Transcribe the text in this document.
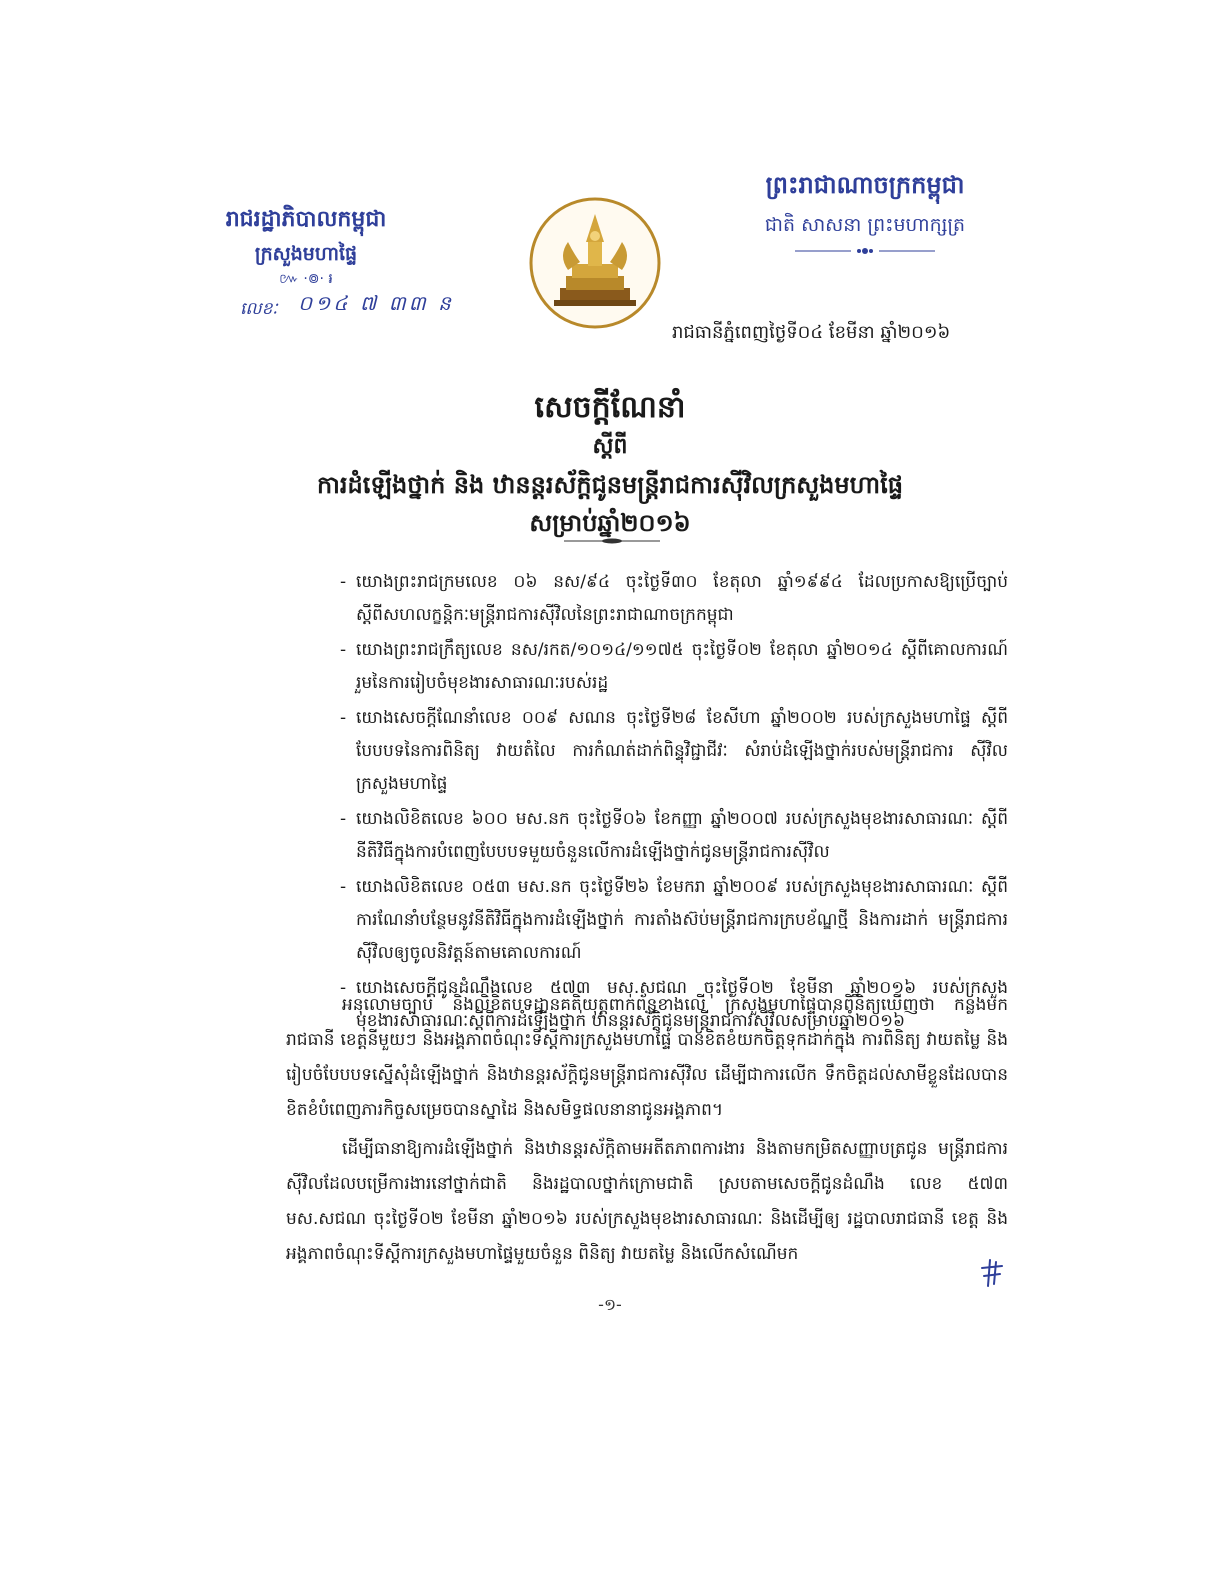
រាជរដ្ឋាភិបាលកម្ពុជា
ក្រសួងមហាផ្ទៃ
៚ ·៙· ៛
លេខៈ ០១៤ ៧ ៣៣ ន
ព្រះរាជាណាចក្រកម្ពុជា
ជាតិ សាសនា ព្រះមហាក្សត្រ
រាជធានីភ្នំពេញថ្ងៃទី០៤ ខែមីនា ឆ្នាំ២០១៦
សេចក្តីណែនាំ
ស្តីពី
ការដំឡើងថ្នាក់ និង ឋានន្តរស័ក្តិជូនមន្ត្រីរាជការស៊ីវិលក្រសួងមហាផ្ទៃ
សម្រាប់ឆ្នាំ២០១៦
- យោងព្រះរាជក្រមលេខ ០៦ នស/៩៤ ចុះថ្ងៃទី៣០ ខែតុលា ឆ្នាំ១៩៩៤ ដែលប្រកាសឱ្យប្រើច្បាប់ ស្តីពីសហលក្ខន្តិកៈមន្ត្រីរាជការស៊ីវិលនៃព្រះរាជាណាចក្រកម្ពុជា
- យោងព្រះរាជក្រឹត្យលេខ នស/រកត/១០១៤/១១៧៥ ចុះថ្ងៃទី០២ ខែតុលា ឆ្នាំ២០១៤ ស្តីពីគោលការណ៍រួមនៃការរៀបចំមុខងារសាធារណៈរបស់រដ្ឋ
- យោងសេចក្តីណែនាំលេខ ០០៩ សណន ចុះថ្ងៃទី២៨ ខែសីហា ឆ្នាំ២០០២ របស់ក្រសួងមហាផ្ទៃ ស្តីពីបែបបទនៃការពិនិត្យ វាយតំលៃ ការកំណត់ដាក់ពិន្ទុវិជ្ជាជីវៈ សំរាប់ដំឡើងថ្នាក់របស់មន្ត្រីរាជការ ស៊ីវិល ក្រសួងមហាផ្ទៃ
- យោងលិខិតលេខ ៦០០ មស.នក ចុះថ្ងៃទី០៦ ខែកញ្ញា ឆ្នាំ២០០៧ របស់ក្រសួងមុខងារសាធារណៈ ស្តីពីនីតិវិធីក្នុងការបំពេញបែបបទមួយចំនួនលើការដំឡើងថ្នាក់ជូនមន្ត្រីរាជការស៊ីវិល
- យោងលិខិតលេខ ០៥៣ មស.នក ចុះថ្ងៃទី២៦ ខែមករា ឆ្នាំ២០០៩ របស់ក្រសួងមុខងារសាធារណៈ ស្តីពីការណែនាំបន្ថែមនូវនីតិវិធីក្នុងការដំឡើងថ្នាក់ ការតាំងស៊ប់មន្ត្រីរាជការក្របខ័ណ្ឌថ្មី និងការដាក់ មន្ត្រីរាជការស៊ីវិលឲ្យចូលនិវត្តន៍តាមគោលការណ៍
- យោងសេចក្តីជូនដំណឹងលេខ ៥៧៣ មស.សជណ ចុះថ្ងៃទី០២ ខែមីនា ឆ្នាំ២០១៦ របស់ក្រសួង មុខងារសាធារណៈស្តីពីការដំឡើងថ្នាក់ ឋានន្តរស័ក្តិជូនមន្ត្រីរាជការស៊ីវិលសម្រាប់ឆ្នាំ២០១៦

អនុលោមច្បាប់ និងលិខិតបទដ្ឋានគតិយុត្តពាក់ព័ន្ធខាងលើ ក្រសួងមហាផ្ទៃបានពិនិត្យឃើញថា កន្លងមក រាជធានី ខេត្តនីមួយៗ និងអង្គភាពចំណុះទីស្តីការក្រសួងមហាផ្ទៃ បានខិតខំយកចិត្តទុកដាក់ក្នុង ការពិនិត្យ វាយតម្លៃ និងរៀបចំបែបបទស្នើសុំដំឡើងថ្នាក់ និងឋានន្តរស័ក្តិជូនមន្ត្រីរាជការស៊ីវិល ដើម្បីជាការលើក ទឹកចិត្តដល់សាមីខ្លួនដែលបានខិតខំបំពេញភារកិច្ចសម្រេចបានស្នាដៃ និងសមិទ្ធផលនានាជូនអង្គភាព។

ដើម្បីធានាឱ្យការដំឡើងថ្នាក់ និងឋានន្តរស័ក្តិតាមអតីតភាពការងារ និងតាមកម្រិតសញ្ញាបត្រជូន មន្ត្រីរាជការស៊ីវិលដែលបម្រើការងារនៅថ្នាក់ជាតិ និងរដ្ឋបាលថ្នាក់ក្រោមជាតិ ស្របតាមសេចក្តីជូនដំណឹង លេខ ៥៧៣ មស.សជណ ចុះថ្ងៃទី០២ ខែមីនា ឆ្នាំ២០១៦ របស់ក្រសួងមុខងារសាធារណៈ និងដើម្បីឲ្យ រដ្ឋបាលរាជធានី ខេត្ត និងអង្គភាពចំណុះទីស្តីការក្រសួងមហាផ្ទៃមួយចំនួន ពិនិត្យ វាយតម្លៃ និងលើកសំណើមក

-១-
